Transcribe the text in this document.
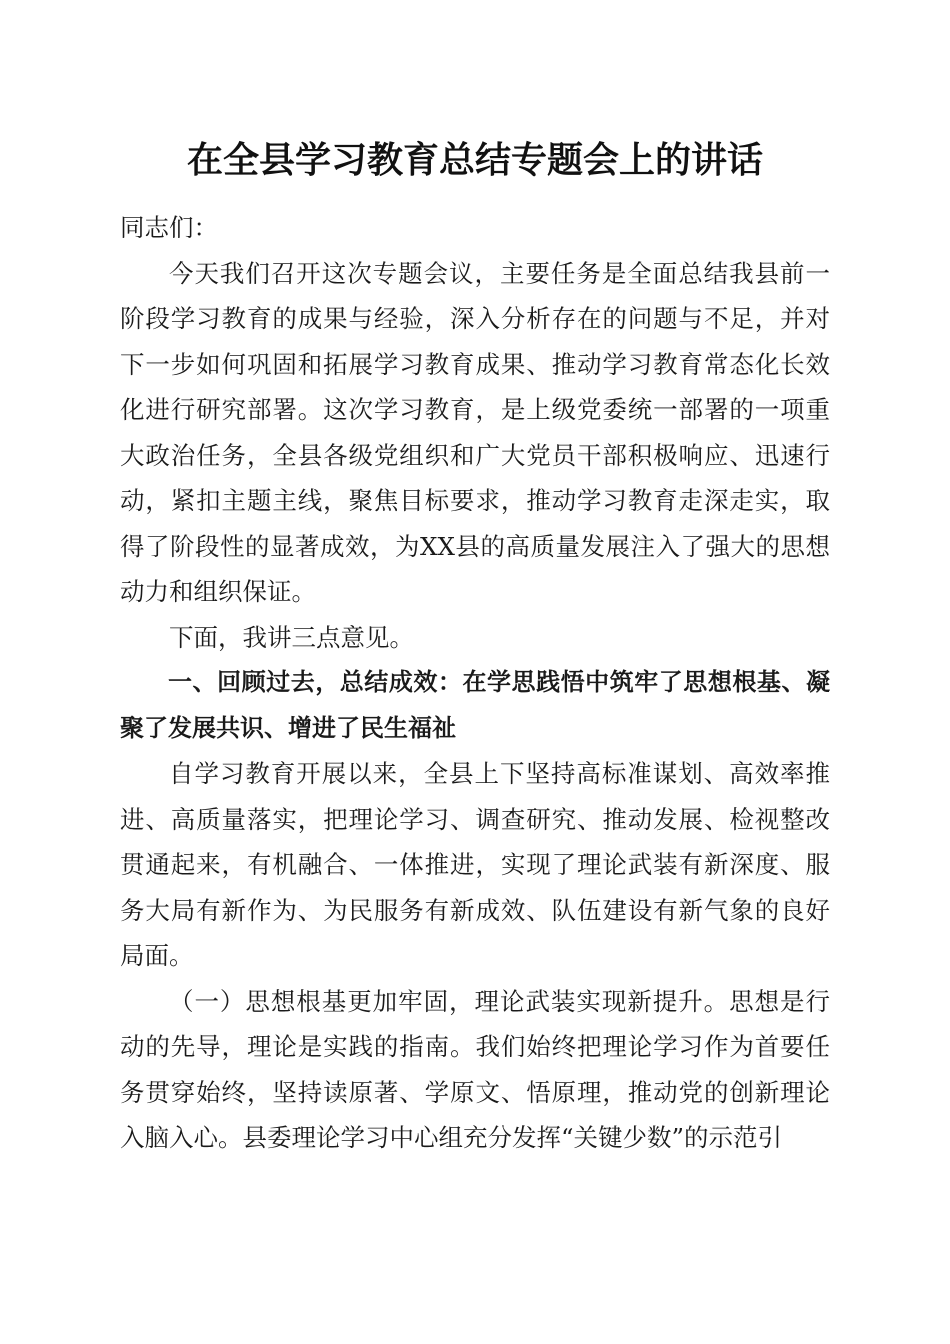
在全县学习教育总结专题会上的讲话

同志们：

今天我们召开这次专题会议，主要任务是全面总结我县前一阶段学习教育的成果与经验，深入分析存在的问题与不足，并对下一步如何巩固和拓展学习教育成果、推动学习教育常态化长效化进行研究部署。这次学习教育，是上级党委统一部署的一项重大政治任务，全县各级党组织和广大党员干部积极响应、迅速行动，紧扣主题主线，聚焦目标要求，推动学习教育走深走实，取得了阶段性的显著成效，为XX县的高质量发展注入了强大的思想动力和组织保证。

下面，我讲三点意见。

一、回顾过去，总结成效：在学思践悟中筑牢了思想根基、凝聚了发展共识、增进了民生福祉

自学习教育开展以来，全县上下坚持高标准谋划、高效率推进、高质量落实，把理论学习、调查研究、推动发展、检视整改贯通起来，有机融合、一体推进，实现了理论武装有新深度、服务大局有新作为、为民服务有新成效、队伍建设有新气象的良好局面。

（一）思想根基更加牢固，理论武装实现新提升。思想是行动的先导，理论是实践的指南。我们始终把理论学习作为首要任务贯穿始终，坚持读原著、学原文、悟原理，推动党的创新理论入脑入心。县委理论学习中心组充分发挥“关键少数”的示范引
